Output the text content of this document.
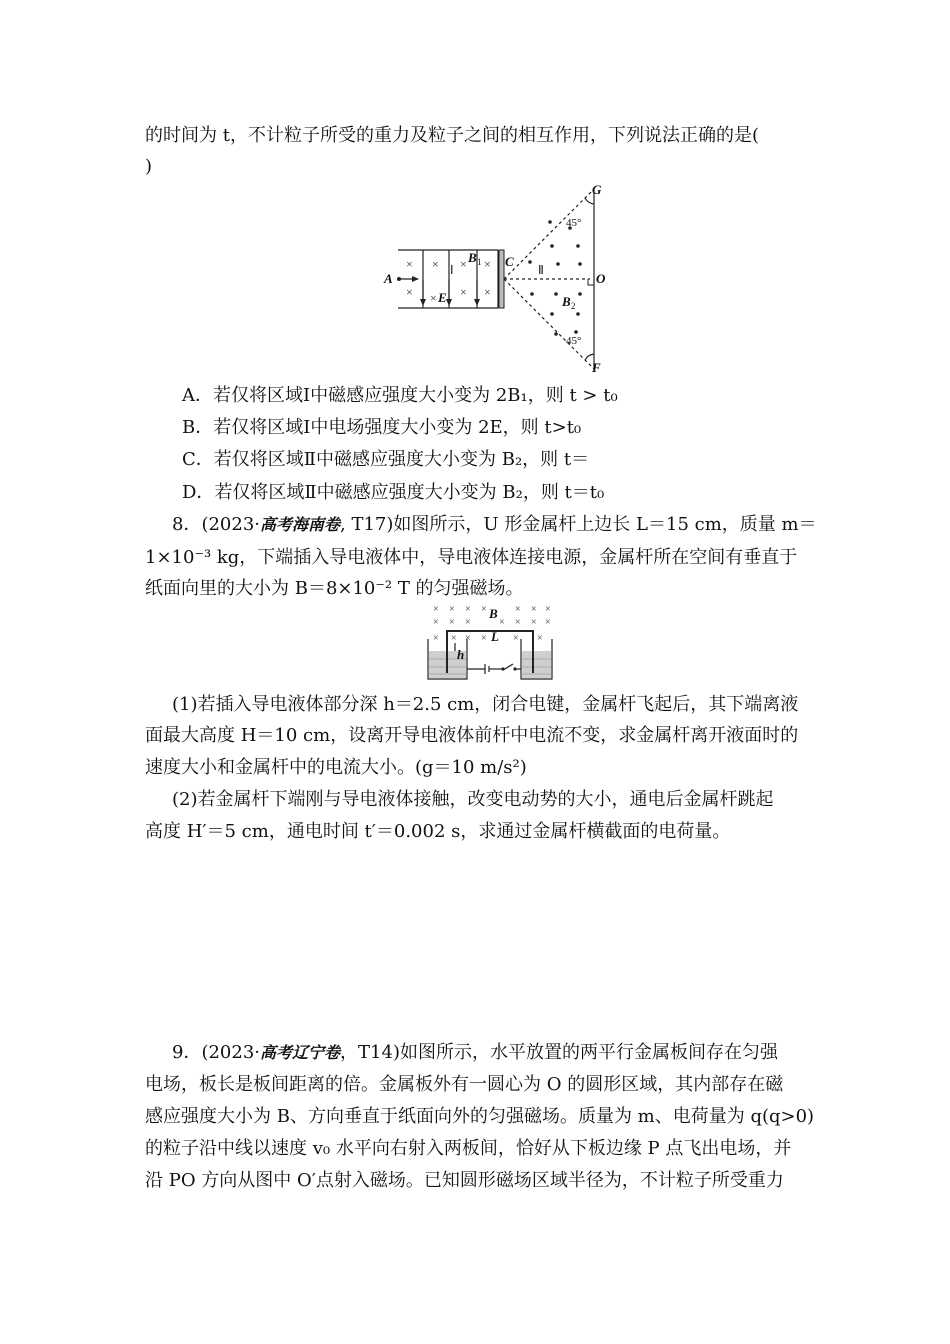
的时间为 t，不计粒子所受的重力及粒子之间的相互作用，下列说法正确的是(
)
× × × ×
×	× ×
×
A
E
B C
O
B
G
F
1
2
Ⅰ	Ⅱ
45°
45°
A．若仅将区域Ⅰ中磁感应强度大小变为 2B₁，则 t > t₀
B．若仅将区域Ⅰ中电场强度大小变为 2E，则 t>t₀
C．若仅将区域Ⅱ中磁感应强度大小变为 B₂，则 t＝
D．若仅将区域Ⅱ中磁感应强度大小变为 B₂，则 t＝t₀
8．(2023·高考海南卷, T17)如图所示，U 形金属杆上边长 L＝15 cm，质量 m＝
1×10⁻³ kg，下端插入导电液体中，导电液体连接电源，金属杆所在空间有垂直于
纸面向里的大小为 B＝8×10⁻² T 的匀强磁场。
× × × ×	× × ×
× × ×	× × × ×
× × × ×	× ×
B
L
h
(1)若插入导电液体部分深 h＝2.5 cm，闭合电键，金属杆飞起后，其下端离液
面最大高度 H＝10 cm，设离开导电液体前杆中电流不变，求金属杆离开液面时的
速度大小和金属杆中的电流大小。(g＝10 m/s²)
(2)若金属杆下端刚与导电液体接触，改变电动势的大小，通电后金属杆跳起
高度 H′＝5 cm，通电时间 t′＝0.002 s，求通过金属杆横截面的电荷量。
9．(2023·高考辽宁卷，T14)如图所示，水平放置的两平行金属板间存在匀强
电场，板长是板间距离的倍。金属板外有一圆心为 O 的圆形区域，其内部存在磁
感应强度大小为 B、方向垂直于纸面向外的匀强磁场。质量为 m、电荷量为 q(q>0)
的粒子沿中线以速度 v₀ 水平向右射入两板间，恰好从下板边缘 P 点飞出电场，并
沿 PO 方向从图中 O′点射入磁场。已知圆形磁场区域半径为，不计粒子所受重力
